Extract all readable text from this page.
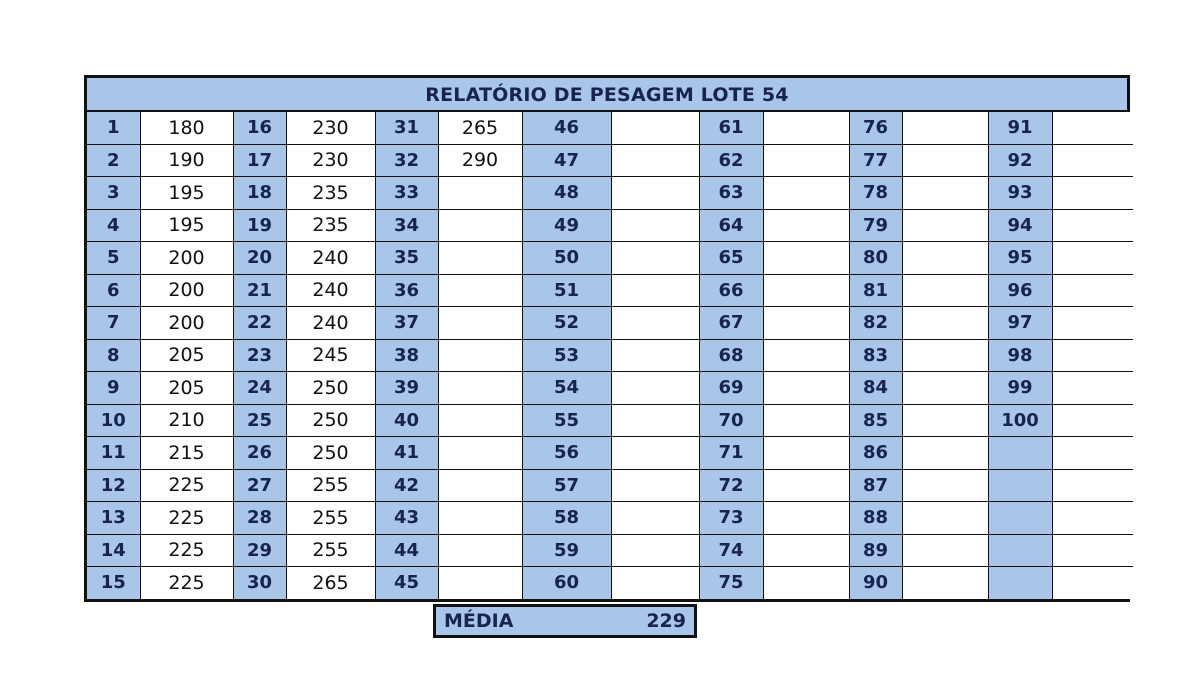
RELATÓRIO DE PESAGEM LOTE 54
1	180	16	230	31	265	46		61		76		91	
2	190	17	230	32	290	47		62		77		92	
3	195	18	235	33		48		63		78		93	
4	195	19	235	34		49		64		79		94	
5	200	20	240	35		50		65		80		95	
6	200	21	240	36		51		66		81		96	
7	200	22	240	37		52		67		82		97	
8	205	23	245	38		53		68		83		98	
9	205	24	250	39		54		69		84		99	
10	210	25	250	40		55		70		85		100	
11	215	26	250	41		56		71		86			
12	225	27	255	42		57		72		87			
13	225	28	255	43		58		73		88			
14	225	29	255	44		59		74		89			
15	225	30	265	45		60		75		90			
MÉDIA	229
